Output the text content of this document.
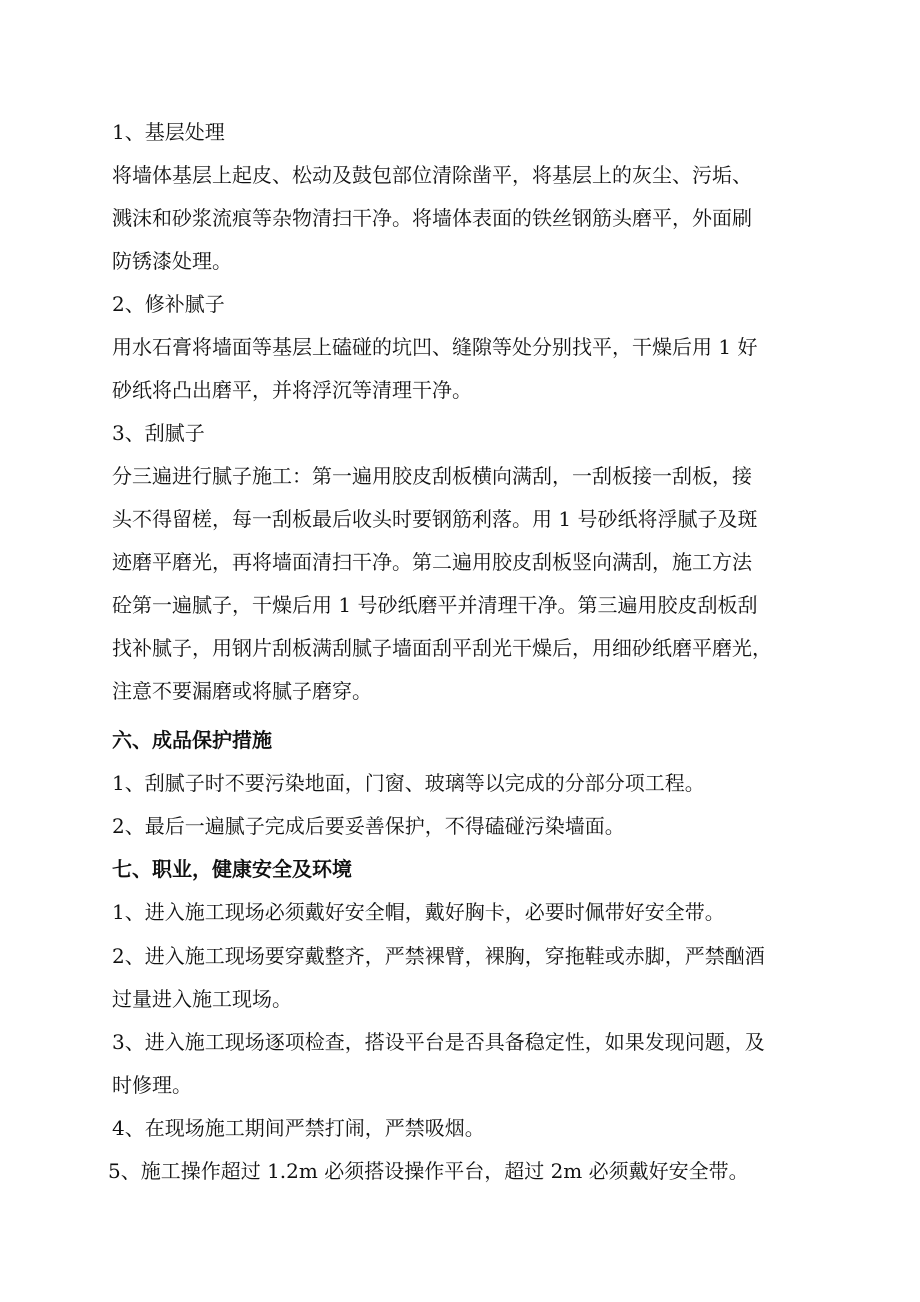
1、基层处理
将墙体基层上起皮、松动及鼓包部位清除凿平，将基层上的灰尘、污垢、
溅沫和砂浆流痕等杂物清扫干净。将墙体表面的铁丝钢筋头磨平，外面刷
防锈漆处理。
2、修补腻子
用水石膏将墙面等基层上磕碰的坑凹、缝隙等处分别找平，干燥后用 1 好
砂纸将凸出磨平，并将浮沉等清理干净。
3、刮腻子
分三遍进行腻子施工：第一遍用胶皮刮板横向满刮，一刮板接一刮板，接
头不得留槎，每一刮板最后收头时要钢筋利落。用 1 号砂纸将浮腻子及斑
迹磨平磨光，再将墙面清扫干净。第二遍用胶皮刮板竖向满刮，施工方法
砼第一遍腻子，干燥后用 1 号砂纸磨平并清理干净。第三遍用胶皮刮板刮
找补腻子，用钢片刮板满刮腻子墙面刮平刮光干燥后，用细砂纸磨平磨光，
注意不要漏磨或将腻子磨穿。
六、成品保护措施
1、刮腻子时不要污染地面，门窗、玻璃等以完成的分部分项工程。
2、最后一遍腻子完成后要妥善保护，不得磕碰污染墙面。
七、职业，健康安全及环境
1、进入施工现场必须戴好安全帽，戴好胸卡，必要时佩带好安全带。
2、进入施工现场要穿戴整齐，严禁裸臂，裸胸，穿拖鞋或赤脚，严禁酗酒
过量进入施工现场。
3、进入施工现场逐项检查，搭设平台是否具备稳定性，如果发现问题，及
时修理。
4、在现场施工期间严禁打闹，严禁吸烟。
5、施工操作超过 1.2m 必须搭设操作平台，超过 2m 必须戴好安全带。
